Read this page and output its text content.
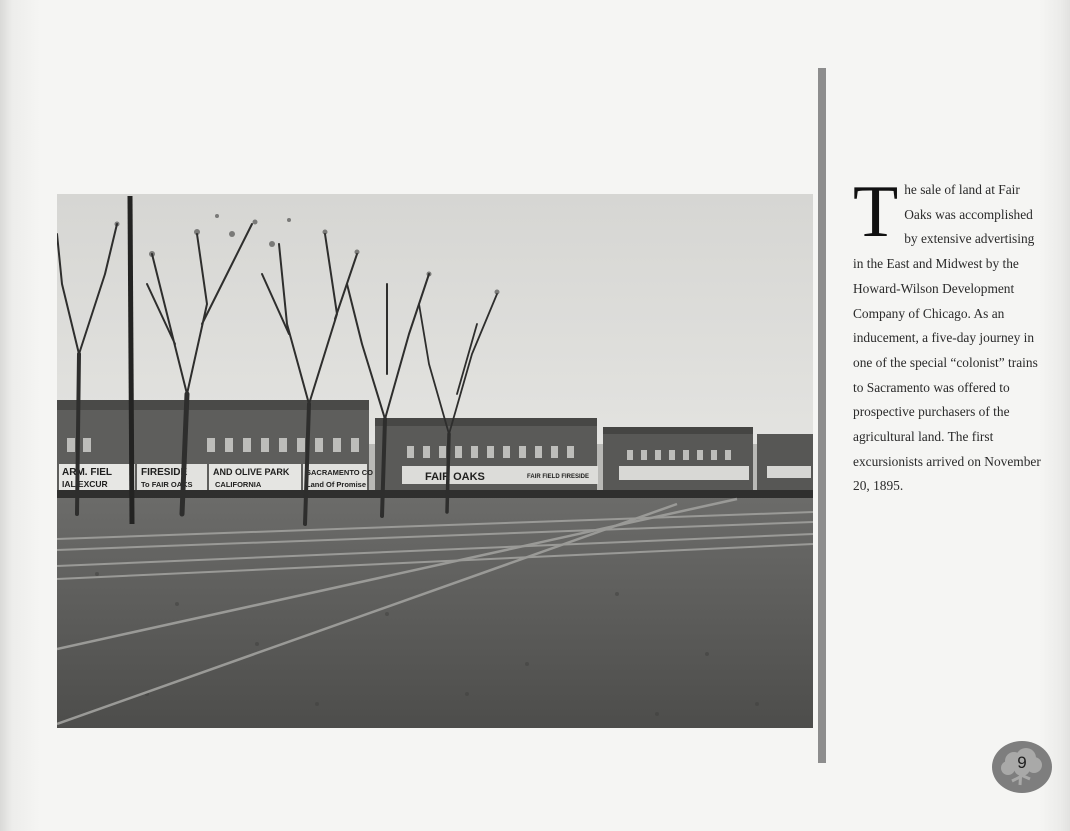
ARM. FIEL
IAL EXCUR
FIRESIDE
To FAIR OAKS
AND OLIVE PARK
CALIFORNIA
SACRAMENTO CO
Land Of Promise
FAIR OAKS	FAIR FIELD FIRESIDE
T he sale of land at Fair Oaks was accomplished by extensive advertising in the East and Midwest by the Howard-Wilson Development Company of Chicago. As an inducement, a five-day journey in one of the special “colonist” trains to Sacramento was offered to prospective purchasers of the agricultural land. The first excursionists arrived on November 20, 1895.

9
